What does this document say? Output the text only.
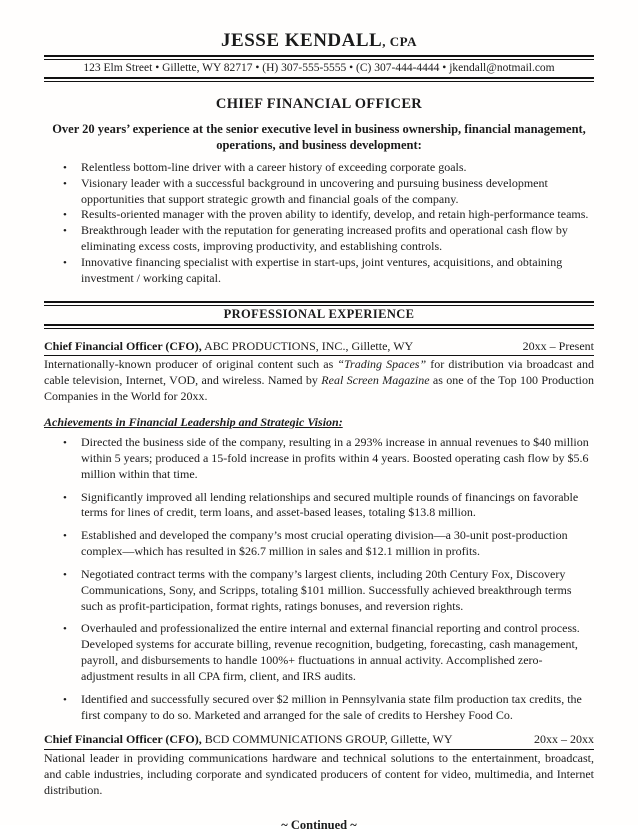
JESSE KENDALL, CPA
123 Elm Street • Gillette, WY 82717 • (H) 307-555-5555 • (C) 307-444-4444 • jkendall@notmail.com
CHIEF FINANCIAL OFFICER
Over 20 years’ experience at the senior executive level in business ownership, financial management, operations, and business development:
•	Relentless bottom-line driver with a career history of exceeding corporate goals.
•	Visionary leader with a successful background in uncovering and pursuing business development opportunities that support strategic growth and financial goals of the company.
•	Results-oriented manager with the proven ability to identify, develop, and retain high-performance teams.
•	Breakthrough leader with the reputation for generating increased profits and operational cash flow by eliminating excess costs, improving productivity, and establishing controls.
•	Innovative financing specialist with expertise in start-ups, joint ventures, acquisitions, and obtaining investment / working capital.
PROFESSIONAL EXPERIENCE
Chief Financial Officer (CFO), ABC PRODUCTIONS, INC., Gillette, WY	20xx – Present

Internationally-known producer of original content such as “Trading Spaces” for distribution via broadcast and cable television, Internet, VOD, and wireless. Named by Real Screen Magazine as one of the Top 100 Production Companies in the World for 20xx.

Achievements in Financial Leadership and Strategic Vision:
•	Directed the business side of the company, resulting in a 293% increase in annual revenues to $40 million within 5 years; produced a 15-fold increase in profits within 4 years. Boosted operating cash flow by $5.6 million within that time.
•	Significantly improved all lending relationships and secured multiple rounds of financings on favorable terms for lines of credit, term loans, and asset-based leases, totaling $13.8 million.
•	Established and developed the company’s most crucial operating division—a 30-unit post-production complex—which has resulted in $26.7 million in sales and $12.1 million in profits.
•	Negotiated contract terms with the company’s largest clients, including 20th Century Fox, Discovery Communications, Sony, and Scripps, totaling $101 million. Successfully achieved breakthrough terms such as profit-participation, format rights, ratings bonuses, and reversion rights.
•	Overhauled and professionalized the entire internal and external financial reporting and control process. Developed systems for accurate billing, revenue recognition, budgeting, forecasting, cash management, payroll, and disbursements to handle 100%+ fluctuations in annual activity. Accomplished zero-adjustment results in all CPA firm, client, and IRS audits.
•	Identified and successfully secured over $2 million in Pennsylvania state film production tax credits, the first company to do so. Marketed and arranged for the sale of credits to Hershey Food Co.
Chief Financial Officer (CFO), BCD COMMUNICATIONS GROUP, Gillette, WY	20xx – 20xx

National leader in providing communications hardware and technical solutions to the entertainment, broadcast, and cable industries, including corporate and syndicated producers of content for video, multimedia, and Internet distribution.

~ Continued ~
